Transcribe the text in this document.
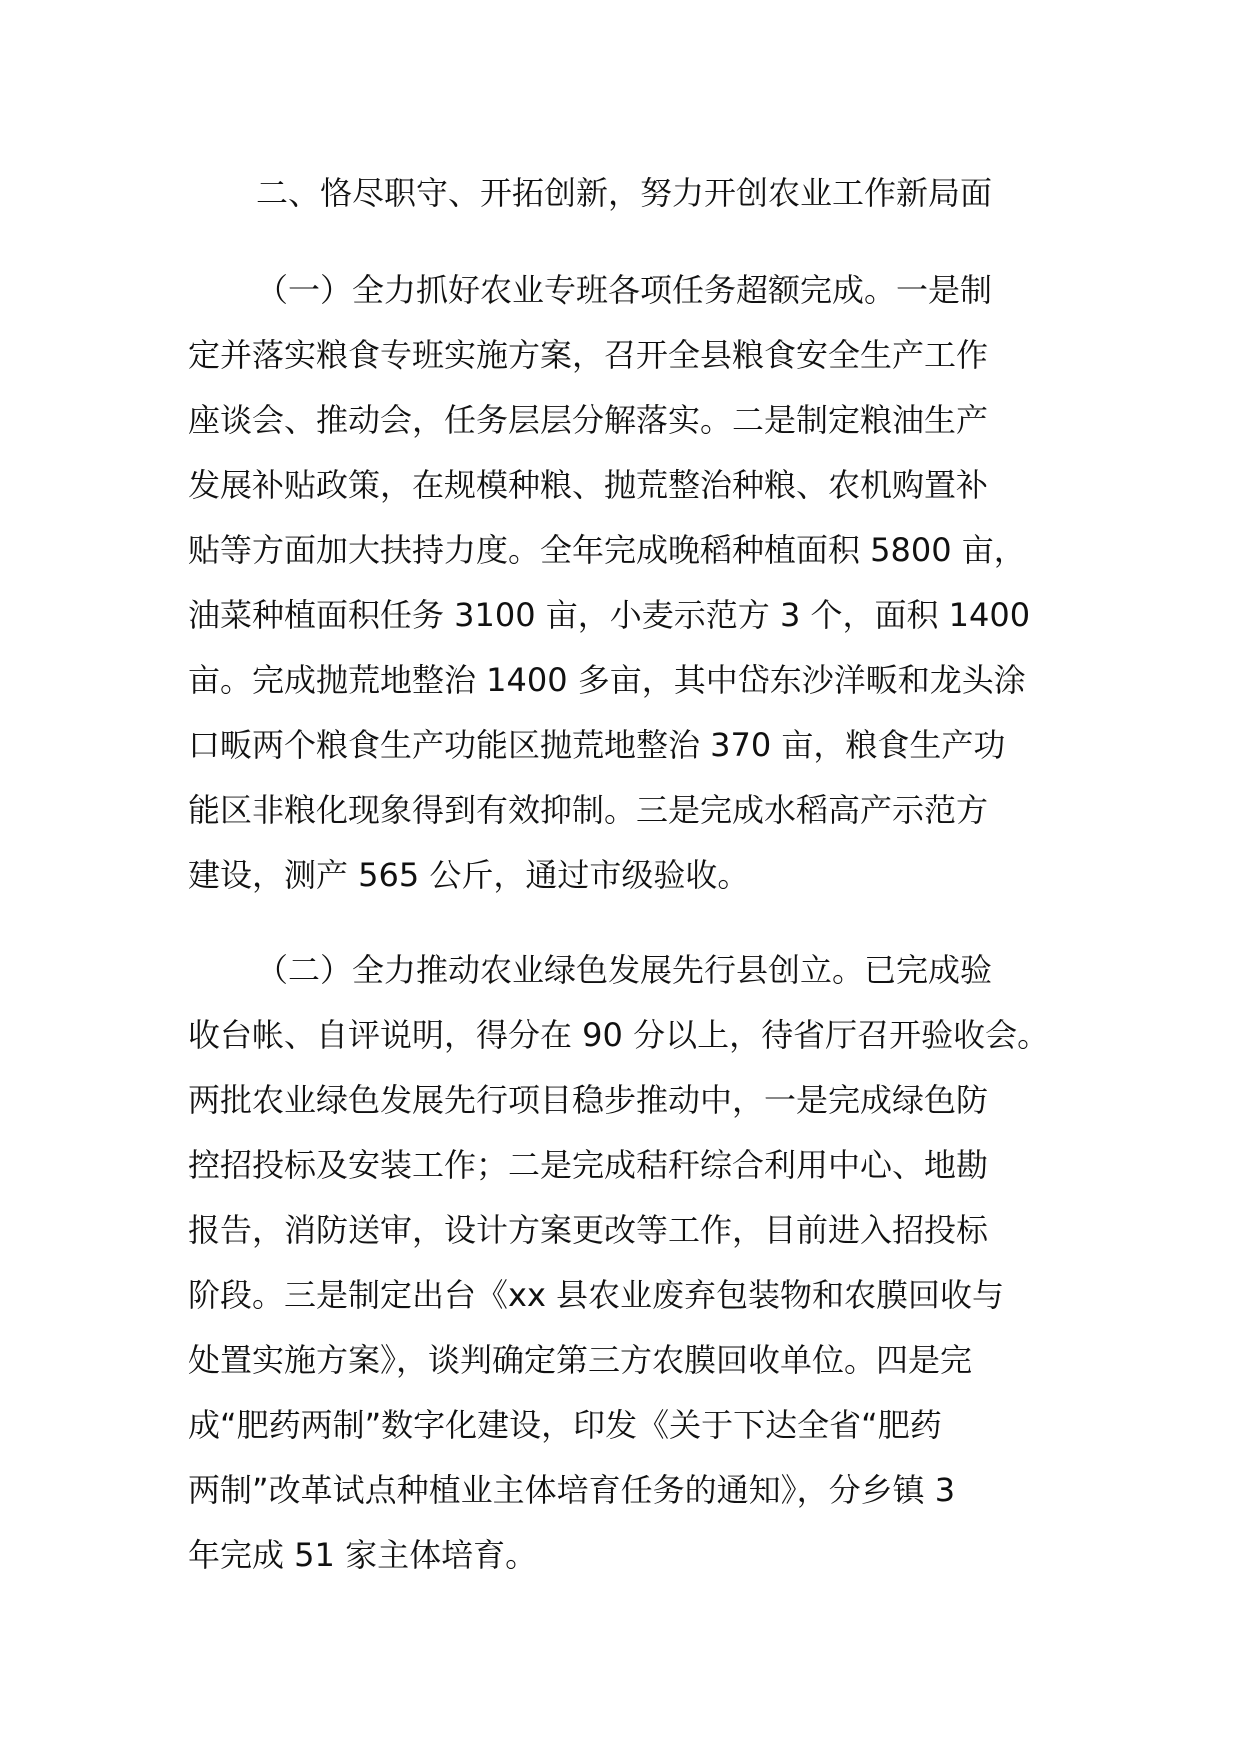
二、恪尽职守、开拓创新，努力开创农业工作新局面
（一）全力抓好农业专班各项任务超额完成。一是制
定并落实粮食专班实施方案，召开全县粮食安全生产工作
座谈会、推动会，任务层层分解落实。二是制定粮油生产
发展补贴政策，在规模种粮、抛荒整治种粮、农机购置补
贴等方面加大扶持力度。全年完成晚稻种植面积 5800 亩，
油菜种植面积任务 3100 亩，小麦示范方 3 个，面积 1400
亩。完成抛荒地整治 1400 多亩，其中岱东沙洋畈和龙头涂
口畈两个粮食生产功能区抛荒地整治 370 亩，粮食生产功
能区非粮化现象得到有效抑制。三是完成水稻高产示范方
建设，测产 565 公斤，通过市级验收。
（二）全力推动农业绿色发展先行县创立。已完成验
收台帐、自评说明，得分在 90 分以上，待省厅召开验收会。
两批农业绿色发展先行项目稳步推动中，一是完成绿色防
控招投标及安装工作；二是完成秸秆综合利用中心、地勘
报告，消防送审，设计方案更改等工作，目前进入招投标
阶段。三是制定出台《xx 县农业废弃包装物和农膜回收与
处置实施方案》，谈判确定第三方农膜回收单位。四是完
成“肥药两制”数字化建设，印发《关于下达全省“肥药
两制”改革试点种植业主体培育任务的通知》，分乡镇 3
年完成 51 家主体培育。
